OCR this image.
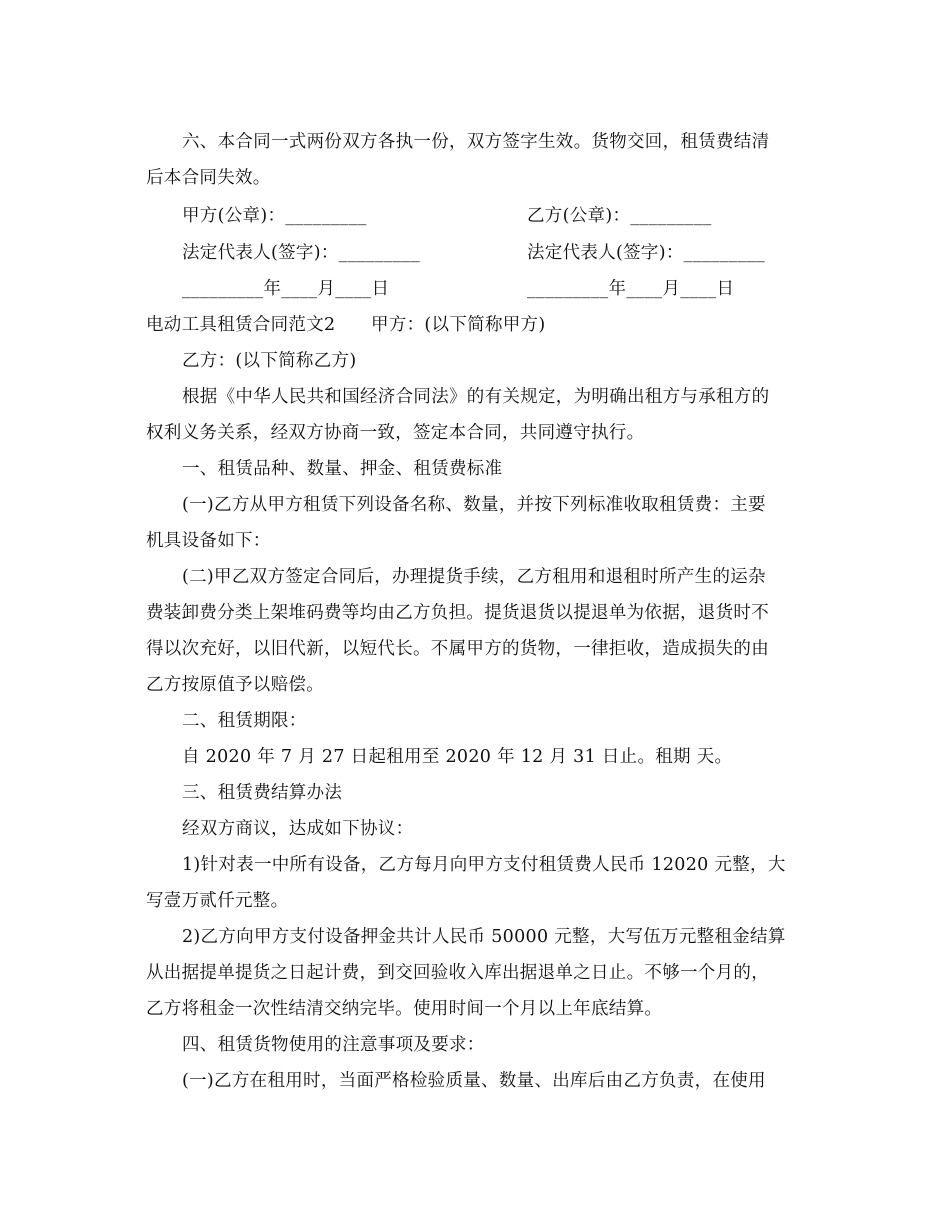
六、本合同一式两份双方各执一份，双方签字生效。货物交回，租赁费结清
后本合同失效。
甲方(公章)：_________	乙方(公章)：_________
法定代表人(签字)：_________	法定代表人(签字)：_________
_________年____月____日	_________年____月____日
电动工具租赁合同范文2　　甲方：(以下简称甲方)
乙方：(以下简称乙方)
根据《中华人民共和国经济合同法》的有关规定，为明确出租方与承租方的
权利义务关系，经双方协商一致，签定本合同，共同遵守执行。
一、租赁品种、数量、押金、租赁费标准
(一)乙方从甲方租赁下列设备名称、数量，并按下列标准收取租赁费：主要
机具设备如下：
(二)甲乙双方签定合同后，办理提货手续，乙方租用和退租时所产生的运杂
费装卸费分类上架堆码费等均由乙方负担。提货退货以提退单为依据，退货时不
得以次充好，以旧代新，以短代长。不属甲方的货物，一律拒收，造成损失的由
乙方按原值予以赔偿。
二、租赁期限：
自 2020 年 7 月 27 日起租用至 2020 年 12 月 31 日止。租期 天。
三、租赁费结算办法
经双方商议，达成如下协议：
1)针对表一中所有设备，乙方每月向甲方支付租赁费人民币 12020 元整，大
写壹万贰仟元整。
2)乙方向甲方支付设备押金共计人民币 50000 元整，大写伍万元整租金结算
从出据提单提货之日起计费，到交回验收入库出据退单之日止。不够一个月的，
乙方将租金一次性结清交纳完毕。使用时间一个月以上年底结算。
四、租赁货物使用的注意事项及要求：
(一)乙方在租用时，当面严格检验质量、数量、出库后由乙方负责，在使用
